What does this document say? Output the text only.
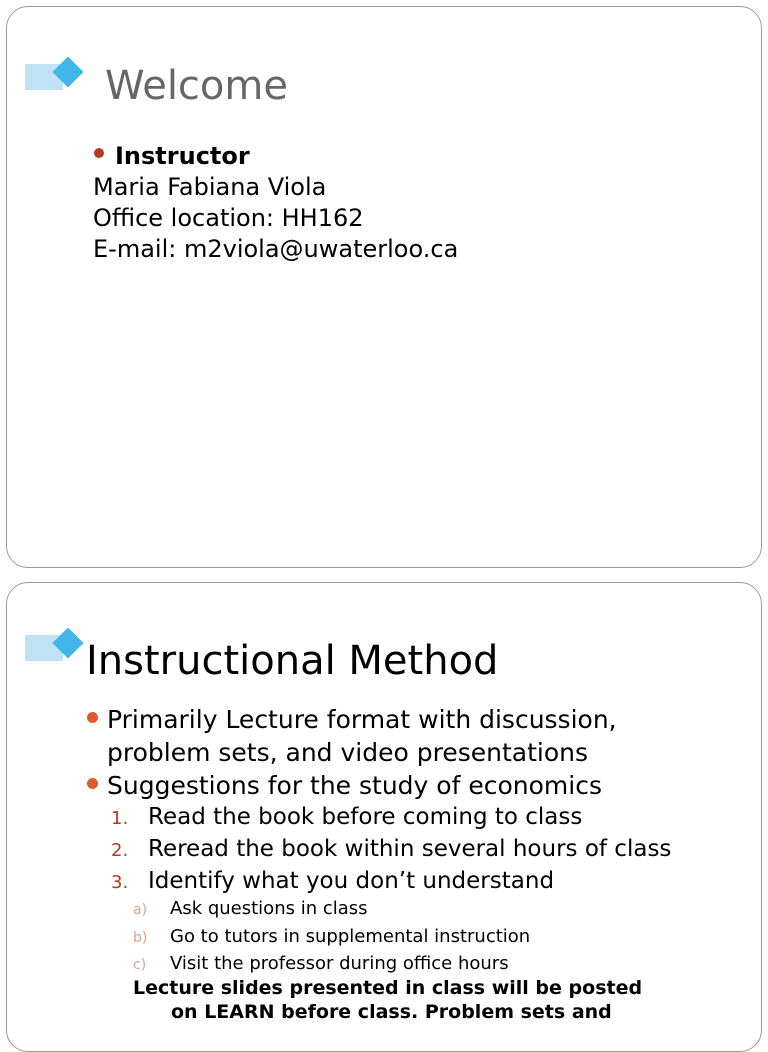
Welcome
Instructor
Maria Fabiana Viola
Office location: HH162
E-mail: m2viola@uwaterloo.ca
Instructional Method
Primarily Lecture format with discussion,
problem sets, and video presentations
Suggestions for the study of economics
1. Read the book before coming to class
2. Reread the book within several hours of class
3. Identify what you don’t understand
a) Ask questions in class
b) Go to tutors in supplemental instruction
c) Visit the professor during office hours
Lecture slides presented in class will be posted
on LEARN before class. Problem sets and
